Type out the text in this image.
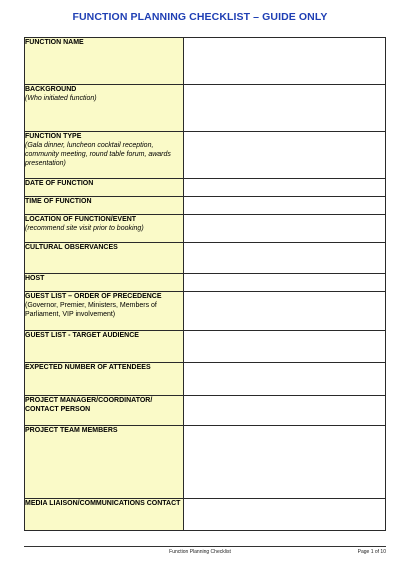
FUNCTION PLANNING CHECKLIST – GUIDE ONLY
FUNCTION NAME	

BACKGROUND
(Who initiated function)	

FUNCTION TYPE
(Gala dinner, luncheon cocktail reception, community meeting, round table forum, awards presentation)	

DATE OF FUNCTION	

TIME OF FUNCTION	

LOCATION OF FUNCTION/EVENT
(recommend site visit prior to booking)	

CULTURAL OBSERVANCES	

HOST	

GUEST LIST – ORDER OF PRECEDENCE
(Governor, Premier, Ministers, Members of Parliament, VIP involvement)	

GUEST LIST - TARGET AUDIENCE	

EXPECTED NUMBER OF ATTENDEES	

PROJECT MANAGER/COORDINATOR/ CONTACT PERSON	

PROJECT TEAM MEMBERS	

MEDIA LIAISON/COMMUNICATIONS CONTACT	

Function Planning Checklist	Page 1 of 10
